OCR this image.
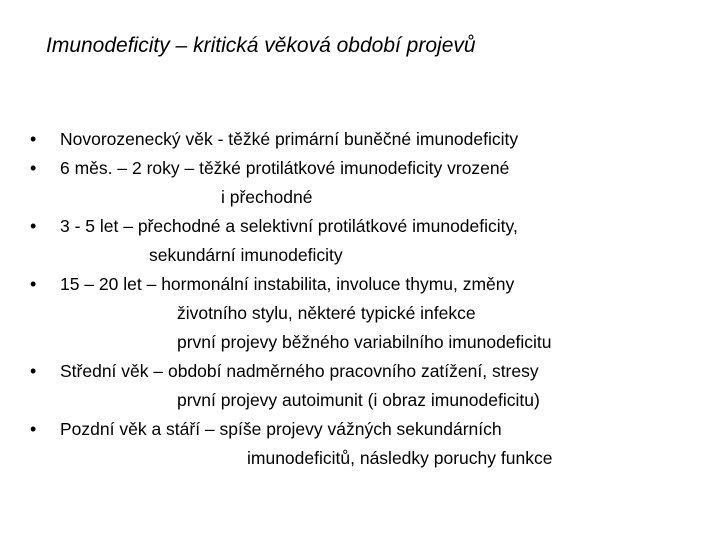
Imunodeficity – kritická věková období projevů
• Novorozenecký věk - těžké primární buněčné imunodeficity
• 6 měs. – 2 roky – těžké protilátkové imunodeficity vrozené
i přechodné
• 3 - 5 let – přechodné a selektivní protilátkové imunodeficity,
sekundární imunodeficity
• 15 – 20 let – hormonální instabilita, involuce thymu, změny
životního stylu, některé typické infekce
první projevy běžného variabilního imunodeficitu
• Střední věk – období nadměrného pracovního zatížení, stresy
první projevy autoimunit (i obraz imunodeficitu)
• Pozdní věk a stáří – spíše projevy vážných sekundárních
imunodeficitů, následky poruchy funkce
